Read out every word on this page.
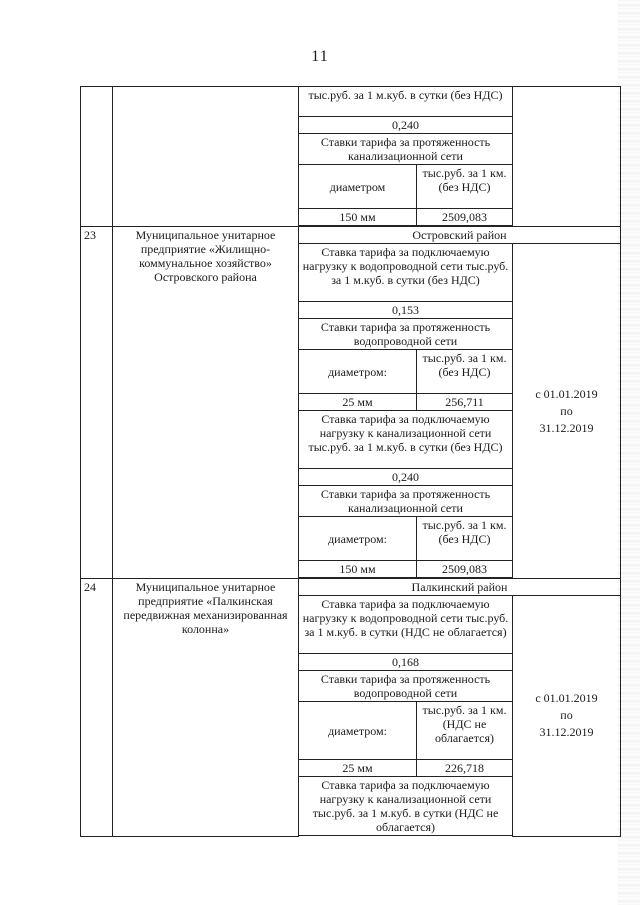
11
		тыс.руб. за 1 м.куб. в сутки (без НДС)		
		0,240		
		Ставки тарифа за протяженность канализационной сети		
		диаметром	тыс.руб. за 1 км. (без НДС)	
		150 мм	2509,083	

23	Муниципальное унитарное предприятие «Жилищно-коммунальное хозяйство» Островского района	Островский район		
		Ставка тарифа за подключаемую нагрузку к водопроводной сети тыс.руб. за 1 м.куб. в сутки (без НДС)		с 01.01.2019
по
31.12.2019

		0,153		
		Ставки тарифа за протяженность водопроводной сети		
		диаметром:	тыс.руб. за 1 км. (без НДС)	
		25 мм	256,711	
		Ставка тарифа за подключаемую нагрузку к канализационной сети тыс.руб. за 1 м.куб. в сутки (без НДС)		
		0,240		
		Ставки тарифа за протяженность канализационной сети		
		диаметром:	тыс.руб. за 1 км. (без НДС)	
		150 мм	2509,083	

24	Муниципальное унитарное предприятие «Палкинская передвижная механизированная колонна»	Палкинский район		
		Ставка тарифа за подключаемую нагрузку к водопроводной сети тыс.руб. за 1 м.куб. в сутки (НДС не облагается)		с 01.01.2019
по
31.12.2019

		0,168		
		Ставки тарифа за протяженность водопроводной сети		
		диаметром:	тыс.руб. за 1 км. (НДС не облагается)	
		25 мм	226,718	
		Ставка тарифа за подключаемую нагрузку к канализационной сети тыс.руб. за 1 м.куб. в сутки (НДС не облагается)		
